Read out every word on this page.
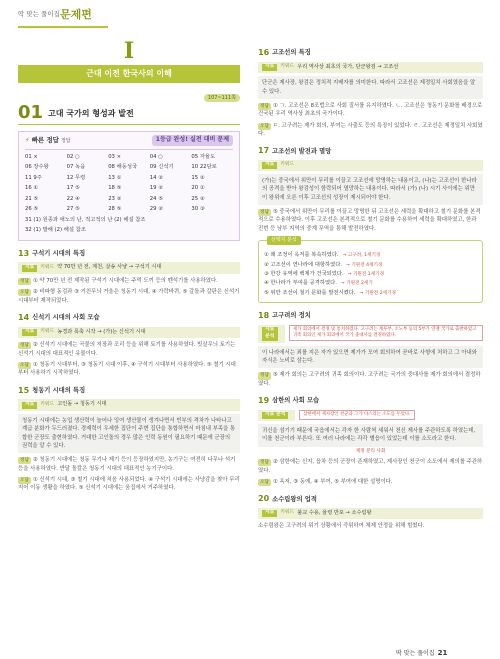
딱 맞는 풀이집 문제편
I
근대 이전 한국사의 이해
107~111쪽
01 고대 국가의 형성과 발전
⚡ 빠른 정답 정답	1등급 완성! 실전 대비 문제
01 ×	02 ○	03 ×	04 ○	05 자율도
06 장수왕	07 녹읍	08 해동성국	09 신석기	10 22담로
11 9주	12 무령	13 ①	14 ②	15 ②
16 ①	17 ⑤	18 ⑤	19 ②	20 ①
21 ⑤	22 ④	23 ②	24 ⑤	25 ②
26 ⑤	27 ⑤	28 ⑤	29 ②	30 ③
31 (1) 원종과 애노의 난, 적고적의 난 (2) 해설 참조
32 (1) 발해 (2) 해설 참조
13 구석기 시대의 특징
자료	키워드 약 70만 년 전, 제천, 살송 사냥 → 구석기 시대
정답 ① 약 70만 년 전 제작된 구석기 시대에는 주먹 도끼 등의 뗀석기를 사용하였다.
오답 ② 비파형 동검과 ③ 거친무늬 거울은 청동기 시대, ④ 가락바퀴, ⑤ 갈돌과 갈판은 신석기 시대부터 제작되었다.
14 신석기 시대의 사회 모습
자료	키워드 농경과 목축 시작 → (가)는 신석기 시대
정답 ② 신석기 시대에는 곡물의 저장과 조리 등을 위해 토기를 사용하였다. 빗살무늬 토기는 신석기 시대의 대표적인 유물이다.
오답 ① 청동기 시대부터, ③ 청동기 시대 이후, ④ 구석기 시대부터 사용하였다. ⑤ 철기 시대부터 사용하기 시작하였다.
15 청동기 시대의 특징
자료	키워드 고인돌 → 청동기 시대
청동기 시대에는 농업 생산력이 늘어나 잉여 생산물이 생겨나면서 빈부의 격차가 나타나고 계급 분화가 두드러졌다. 경제력이 우세한 집단이 주변 집단을 통합하면서 마침내 부족을 통합한 군장도 출현하였다. 거대한 고인돌의 경우 많은 인력 동원이 필요하기 때문에 군장의 권력을 알 수 있다.
정답 ② 청동기 시대에는 청동 무기나 제기 등이 등장하였지만, 농기구는 여전히 나무나 석기 등을 사용하였다. 반달 돌칼은 청동기 시대의 대표적인 농기구이다.
오답 ① 신석기 시대, ③ 철기 시대에 처음 사용되었다. ④ 구석기 시대에는 사냥감을 찾아 무리 지어 이동 생활을 하였다. ⑤ 신석기 시대에는 움집에서 거주하였다.
16 고조선의 특징
자료	키워드 우리 역사상 최초의 국가, 단군왕검 → 고조선
단군은 제사장, 왕검은 정치적 지배자를 의미한다. 따라서 고조선은 제정일치 사회였음을 알 수 있다.
정답 ① ㄱ. 고조선은 8조법으로 사회 질서를 유지하였다. ㄴ. 고조선은 청동기 문화를 배경으로 건국된 우리 역사상 최초의 국가이다.
오답 ㄷ. 고구려는 제가 회의, 부여는 사출도 등의 특징이 있었다. ㄹ. 고조선은 제정일치 사회였다.
17 고조선의 발전과 멸망
자료	키워드
(가)는 중국에서 위만이 무리를 이끌고 고조선에 망명하는 내용이고, (나)는 고조선이 한나라의 공격을 받아 왕검성이 함락되어 멸망하는 내용이다. 따라서 (가) (나) 시기 사이에는 위만이 왕위에 오른 이후 고조선의 성장이 제시되어야 한다.
정답 ⑤ 중국에서 위만이 무리를 이끌고 망명한 뒤 고조선은 세력을 확대하고 철기 문화를 본격적으로 수용하였다. 이후 고조선은 본격적으로 철기 문화를 수용하여 세력을 확대하였고, 한과 진번 등 남부 지역의 중계 무역을 통해 발전하였다.
선택지 분석
① 왜 조정이 옥저를 복속하였다. → 고구려, 1세기경
② 고조선이 연나라에 대항하였다. → 기원전 4세기경
③ 한강 유역에 백제가 건국되었다. → 기원전 1세기경
④ 한나라가 부여를 공격하였다. → 기원전 2세기
⑤ 위만 조선이 철기 문화를 발전시켰다. → 기원전 2세기경
18 고구려의 정치
자료 분석
제가 회의에서 결정 및 통치하였다. 고구려는 계루부, 소노부 등의 5부가 연맹 국가로 출발하였고 귀족 회의인 제가 회의에서 국가 중대사를 결정하였다.
이 나라에서는 죄를 지은 자가 있으면 제가가 모여 회의하여 곧바로 사형에 처하고 그 아내와 자식은 노비로 삼는다.
정답 ⑤ 제가 회의는 고구려의 귀족 회의이다. 고구려는 국가의 중대사를 제가 회의에서 결정하였다.
19 삼한의 사회 모습
자료 분석	삼한에서 제사장인 천군과 그가 다스리는 소도를 두었다.
귀신을 섬기기 때문에 국읍에서는 각자 한 사람씩 세워서 천신 제사를 주관하도록 하였는데, 이를 천군이라 부른다. 또 여러 나라에는 각각 별읍이 있었는데 이를 소도라고 한다.
제정 분리 사회
정답 ② 삼한에는 신지, 읍차 등의 군장이 존재하였고, 제사장인 천군이 소도에서 제의를 주관하였다.
오답 ① 옥저, ③ 동예, ④ 부여, ⑤ 부여에 대한 설명이다.
20 소수림왕의 업적
자료	키워드 불교 수용, 율령 반포 → 소수림왕
소수림왕은 고구려의 위기 상황에서 즉위하여 체제 안정을 위해 힘썼다.
딱 맞는 풀이집 21
